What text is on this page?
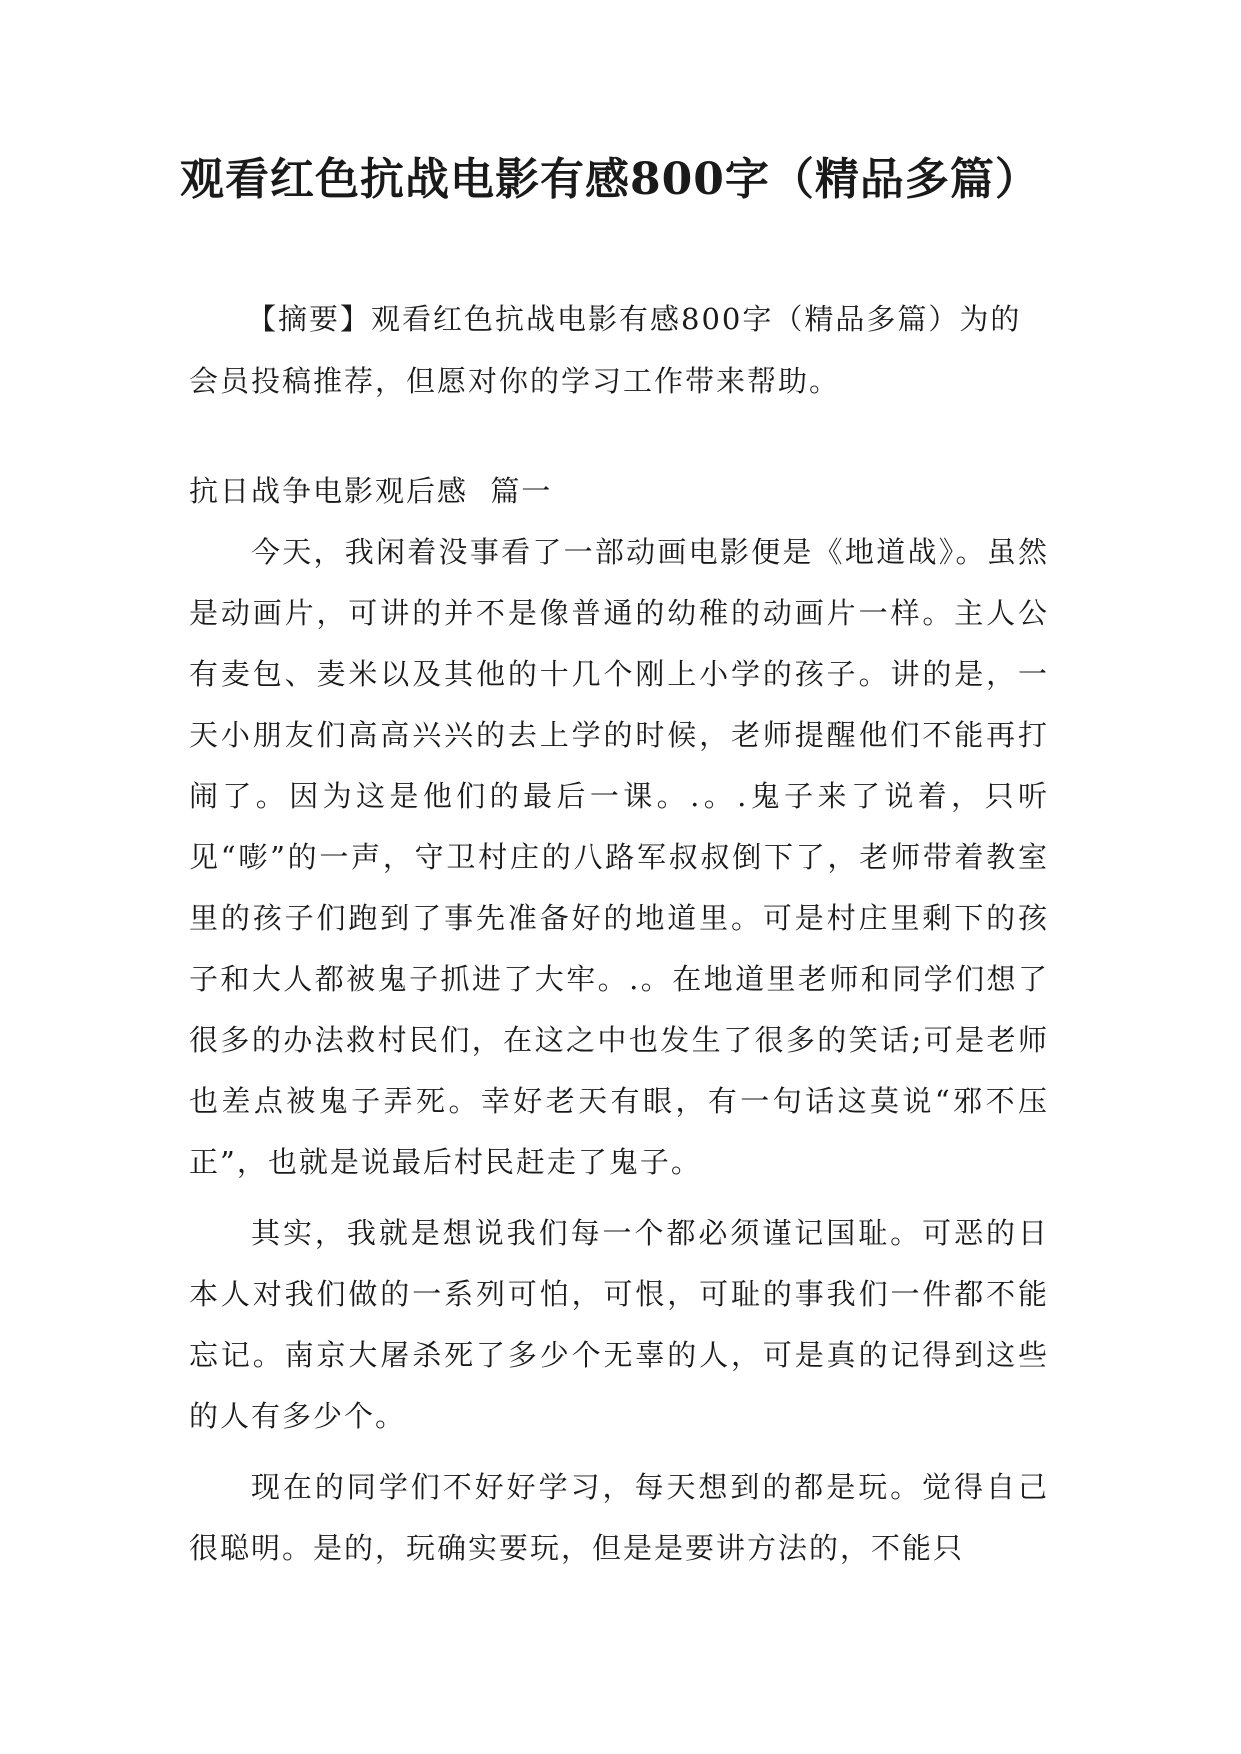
观看红色抗战电影有感800字（精品多篇）

【摘要】观看红色抗战电影有感800字（精品多篇）为的会员投稿推荐，但愿对你的学习工作带来帮助。

抗日战争电影观后感  篇一

今天，我闲着没事看了一部动画电影便是《地道战》。虽然是动画片，可讲的并不是像普通的幼稚的动画片一样。主人公有麦包、麦米以及其他的十几个刚上小学的孩子。讲的是，一天小朋友们高高兴兴的去上学的时候，老师提醒他们不能再打闹了。因为这是他们的最后一课。.。.鬼子来了说着，只听见“嘭”的一声，守卫村庄的八路军叔叔倒下了，老师带着教室里的孩子们跑到了事先准备好的地道里。可是村庄里剩下的孩子和大人都被鬼子抓进了大牢。.。在地道里老师和同学们想了很多的办法救村民们，在这之中也发生了很多的笑话;可是老师也差点被鬼子弄死。幸好老天有眼，有一句话这莫说“邪不压正”，也就是说最后村民赶走了鬼子。

其实，我就是想说我们每一个都必须谨记国耻。可恶的日本人对我们做的一系列可怕，可恨，可耻的事我们一件都不能忘记。南京大屠杀死了多少个无辜的人，可是真的记得到这些的人有多少个。

现在的同学们不好好学习，每天想到的都是玩。觉得自己很聪明。是的，玩确实要玩，但是是要讲方法的，不能只
